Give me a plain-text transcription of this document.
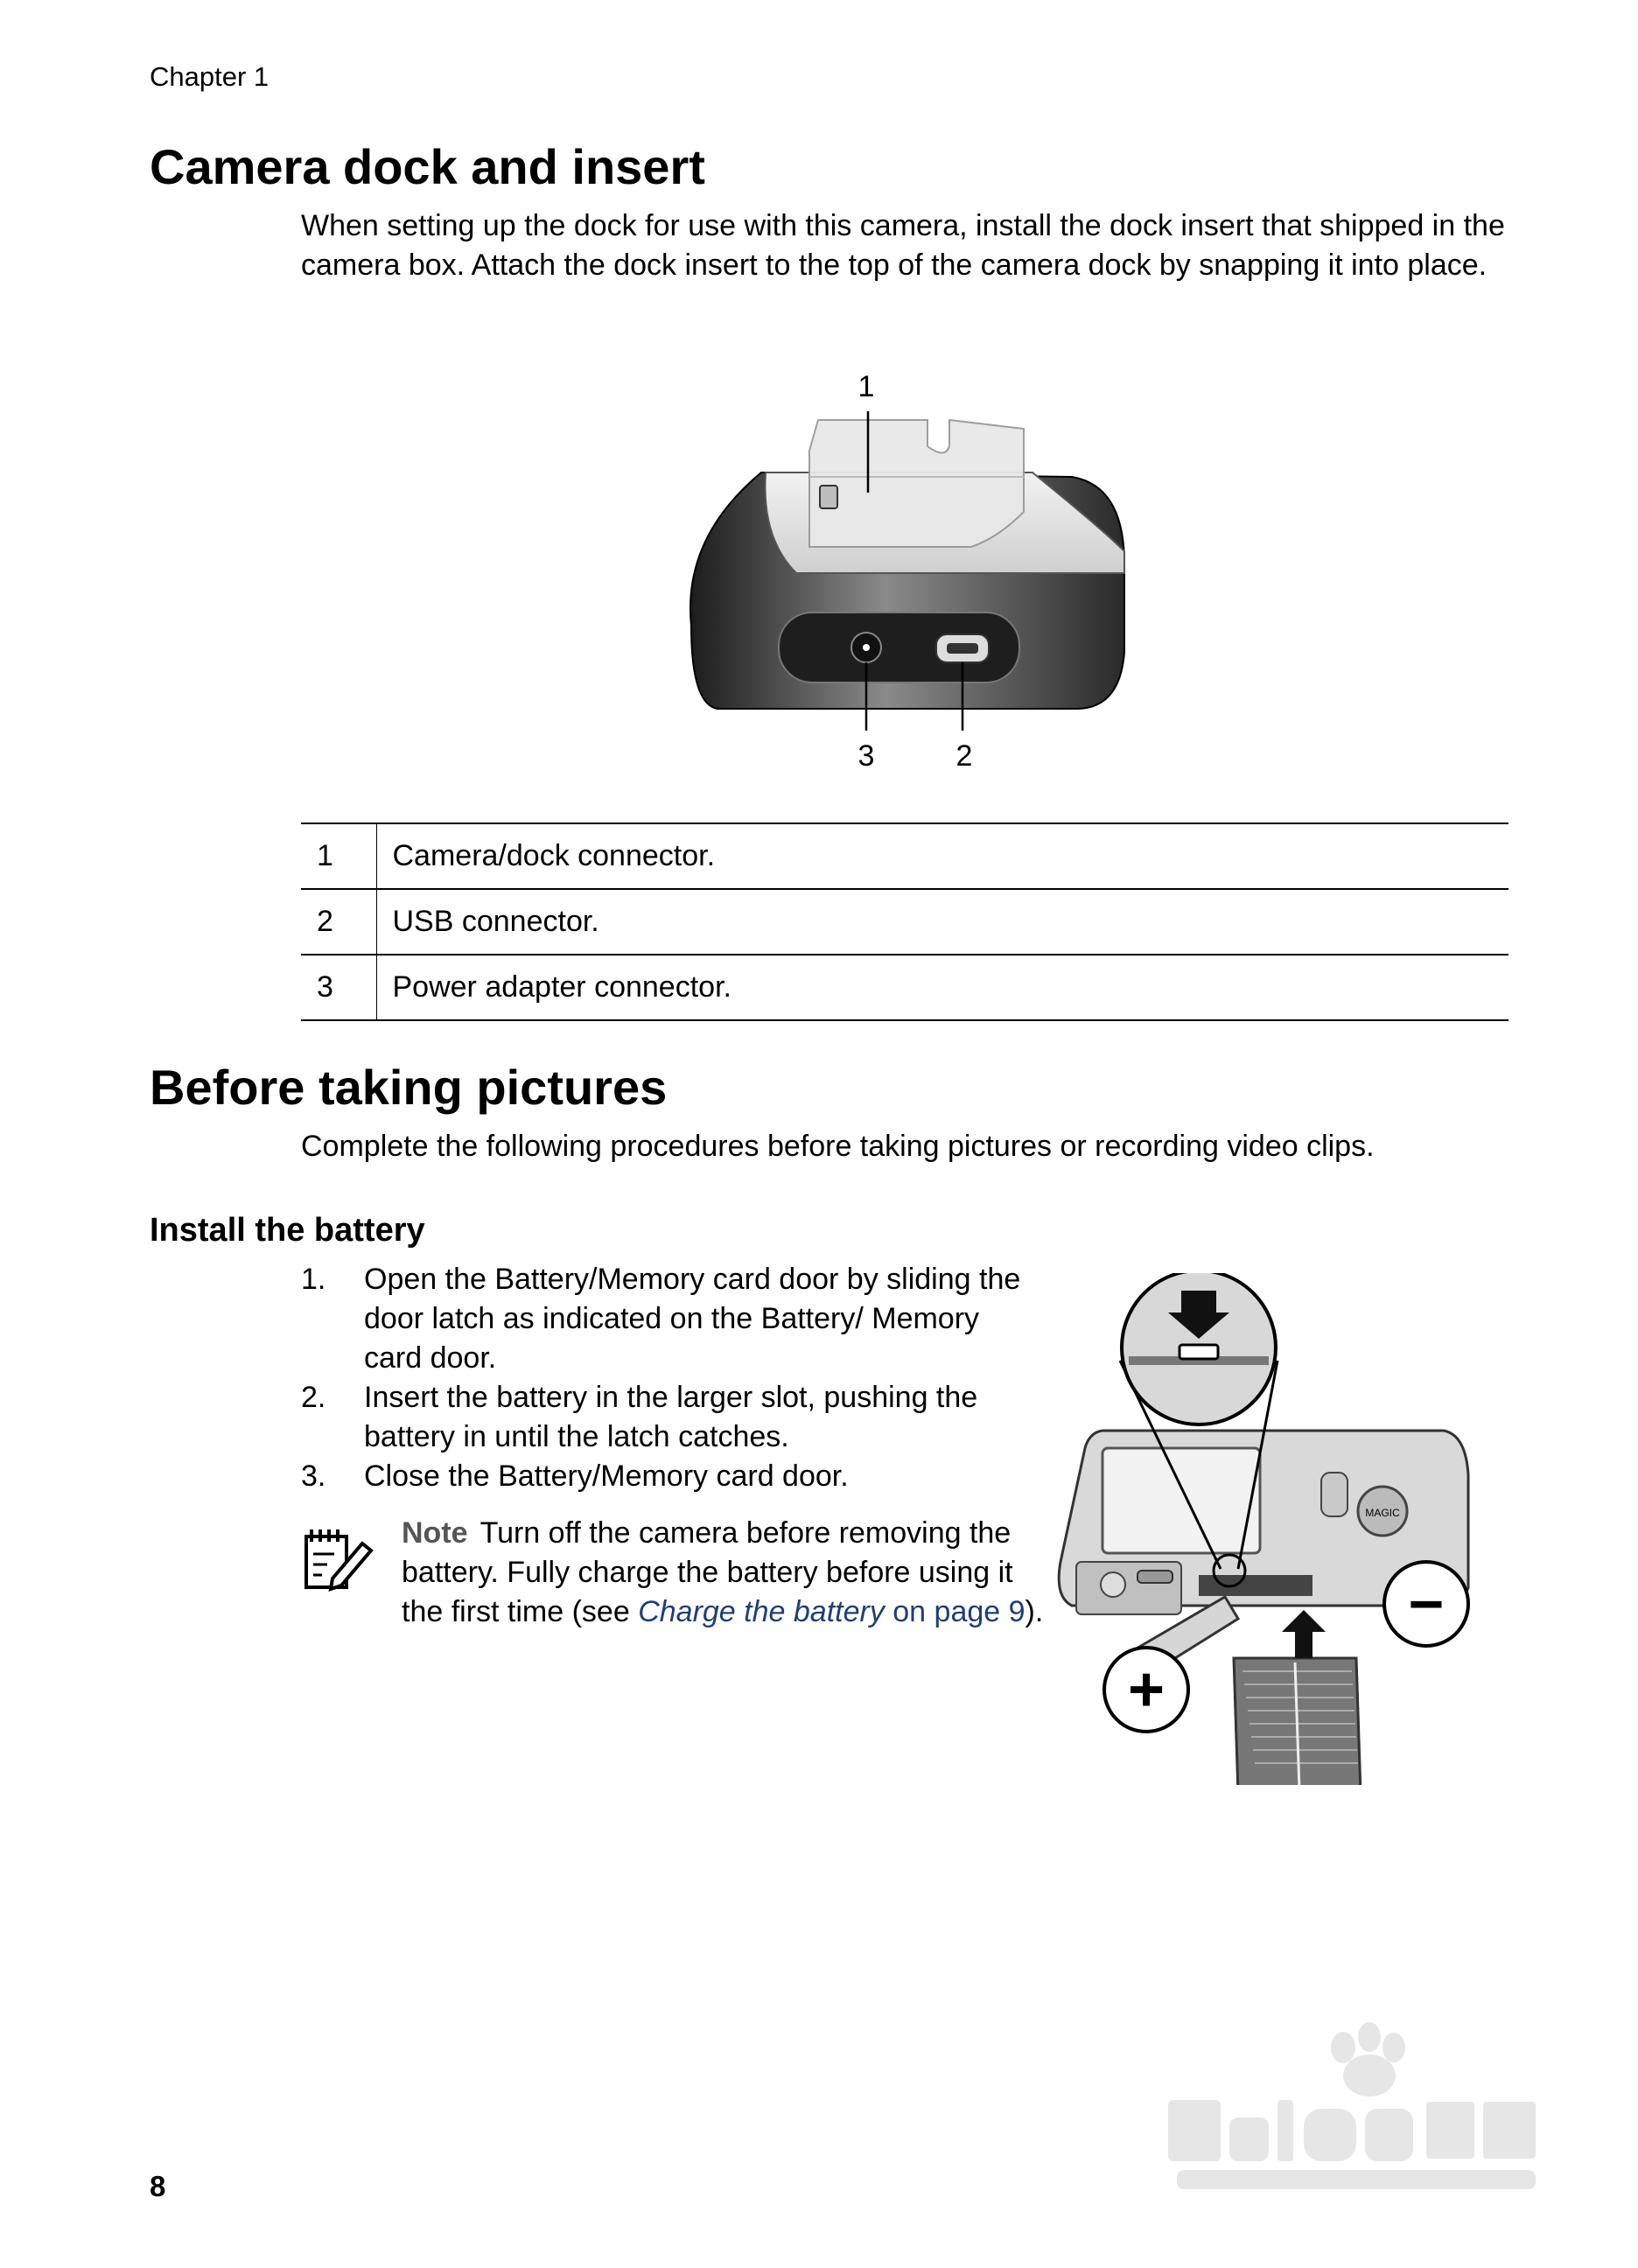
Chapter 1
Camera dock and insert

When setting up the dock for use with this camera, install the dock insert that shipped in the camera box. Attach the dock insert to the top of the camera dock by snapping it into place.

1
3	2
1	Camera/dock connector.
2	USB connector.
3	Power adapter connector.
Before taking pictures

Complete the following procedures before taking pictures or recording video clips.

Install the battery
1. Open the Battery/Memory card door by sliding the door latch as indicated on the Battery/ Memory card door.
2. Insert the battery in the larger slot, pushing the battery in until the latch catches.
3. Close the Battery/Memory card door.

Note Turn off the camera before removing the battery. Fully charge the battery before using it the first time (see Charge the battery on page 9).

MAGIC
−
+
8
